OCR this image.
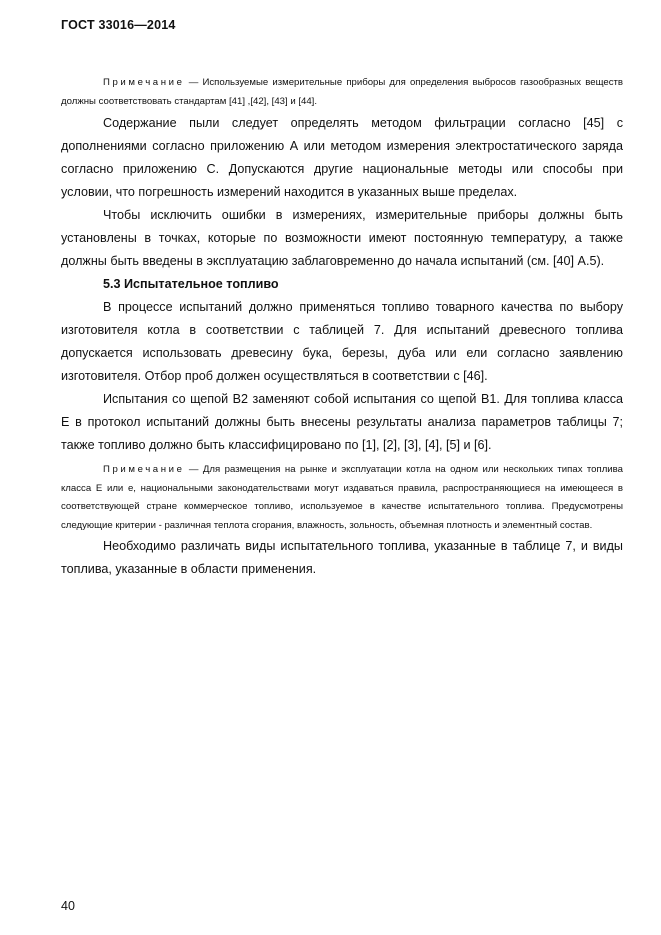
ГОСТ 33016—2014

Примечание — Используемые измерительные приборы для определения выбросов газообразных веществ должны соответствовать стандартам [41] ,[42], [43] и [44].

Содержание пыли следует определять методом фильтрации согласно [45] с дополнениями согласно приложению А или методом измерения электростатического заряда согласно приложению С. Допускаются другие национальные методы или способы при условии, что погрешность измерений находится в указанных выше пределах.

Чтобы исключить ошибки в измерениях, измерительные приборы должны быть установлены в точках, которые по возможности имеют постоянную температуру, а также должны быть введены в эксплуатацию заблаговременно до начала испытаний (см. [40] А.5).

5.3 Испытательное топливо

В процессе испытаний должно применяться топливо товарного качества по выбору изготовителя котла в соответствии с таблицей 7. Для испытаний древесного топлива допускается использовать древесину бука, березы, дуба или ели согласно заявлению изготовителя. Отбор проб должен осуществляться в соответствии с [46].

Испытания со щепой В2 заменяют собой испытания со щепой В1. Для топлива класса Е в протокол испытаний должны быть внесены результаты анализа параметров таблицы 7; также топливо должно быть классифицировано по [1], [2], [3], [4], [5] и [6].

Примечание — Для размещения на рынке и эксплуатации котла на одном или нескольких типах топлива класса Е или е, национальными законодательствами могут издаваться правила, распространяющиеся на имеющееся в соответствующей стране коммерческое топливо, используемое в качестве испытательного топлива. Предусмотрены следующие критерии - различная теплота сгорания, влажность, зольность, объемная плотность и элементный состав.

Необходимо различать виды испытательного топлива, указанные в таблице 7, и виды топлива, указанные в области применения.

40
